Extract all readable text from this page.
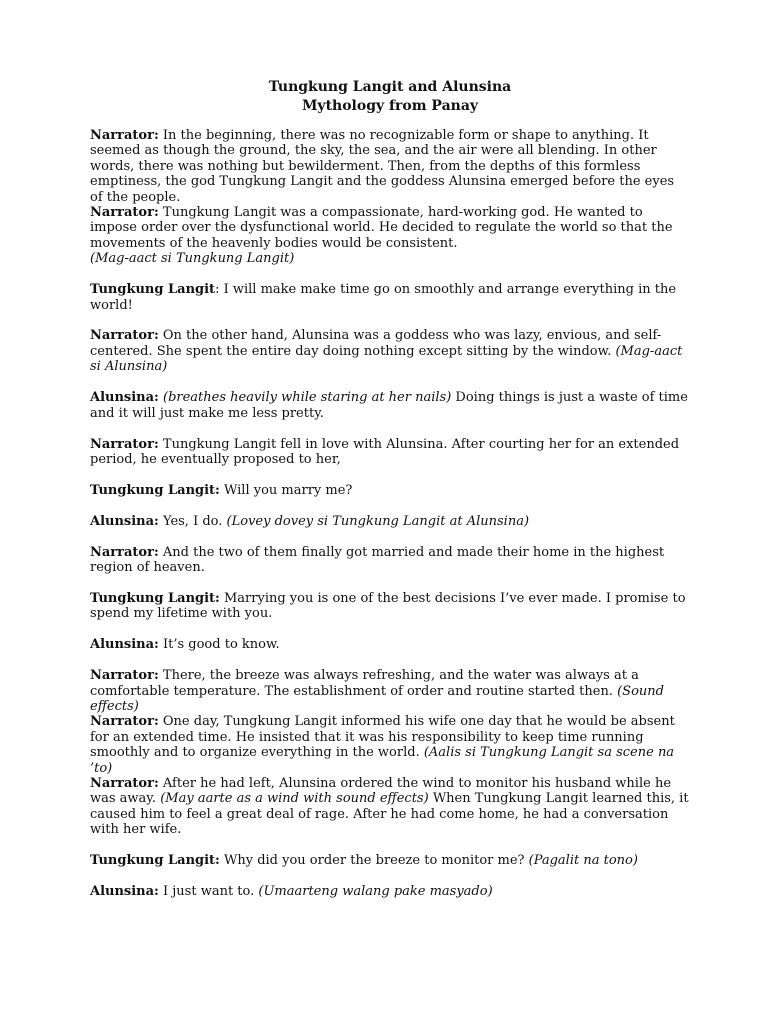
Tungkung Langit and Alunsina
Mythology from Panay

Narrator: In the beginning, there was no recognizable form or shape to anything. It seemed as though the ground, the sky, the sea, and the air were all blending. In other words, there was nothing but bewilderment. Then, from the depths of this formless emptiness, the god Tungkung Langit and the goddess Alunsina emerged before the eyes of the people.

Narrator: Tungkung Langit was a compassionate, hard-working god. He wanted to impose order over the dysfunctional world. He decided to regulate the world so that the movements of the heavenly bodies would be consistent.
(Mag-aact si Tungkung Langit)

Tungkung Langit: I will make make time go on smoothly and arrange everything in the world!

Narrator: On the other hand, Alunsina was a goddess who was lazy, envious, and self-centered. She spent the entire day doing nothing except sitting by the window. (Mag-aact si Alunsina)

Alunsina: (breathes heavily while staring at her nails) Doing things is just a waste of time and it will just make me less pretty.

Narrator: Tungkung Langit fell in love with Alunsina. After courting her for an extended period, he eventually proposed to her,

Tungkung Langit: Will you marry me?

Alunsina: Yes, I do. (Lovey dovey si Tungkung Langit at Alunsina)

Narrator: And the two of them finally got married and made their home in the highest region of heaven.

Tungkung Langit: Marrying you is one of the best decisions I’ve ever made. I promise to spend my lifetime with you.

Alunsina: It’s good to know.

Narrator: There, the breeze was always refreshing, and the water was always at a comfortable temperature. The establishment of order and routine started then. (Sound effects)

Narrator: One day, Tungkung Langit informed his wife one day that he would be absent for an extended time. He insisted that it was his responsibility to keep time running smoothly and to organize everything in the world. (Aalis si Tungkung Langit sa scene na ’to)

Narrator: After he had left, Alunsina ordered the wind to monitor his husband while he was away. (May aarte as a wind with sound effects) When Tungkung Langit learned this, it caused him to feel a great deal of rage. After he had come home, he had a conversation with her wife.

Tungkung Langit: Why did you order the breeze to monitor me? (Pagalit na tono)

Alunsina: I just want to. (Umaarteng walang pake masyado)
